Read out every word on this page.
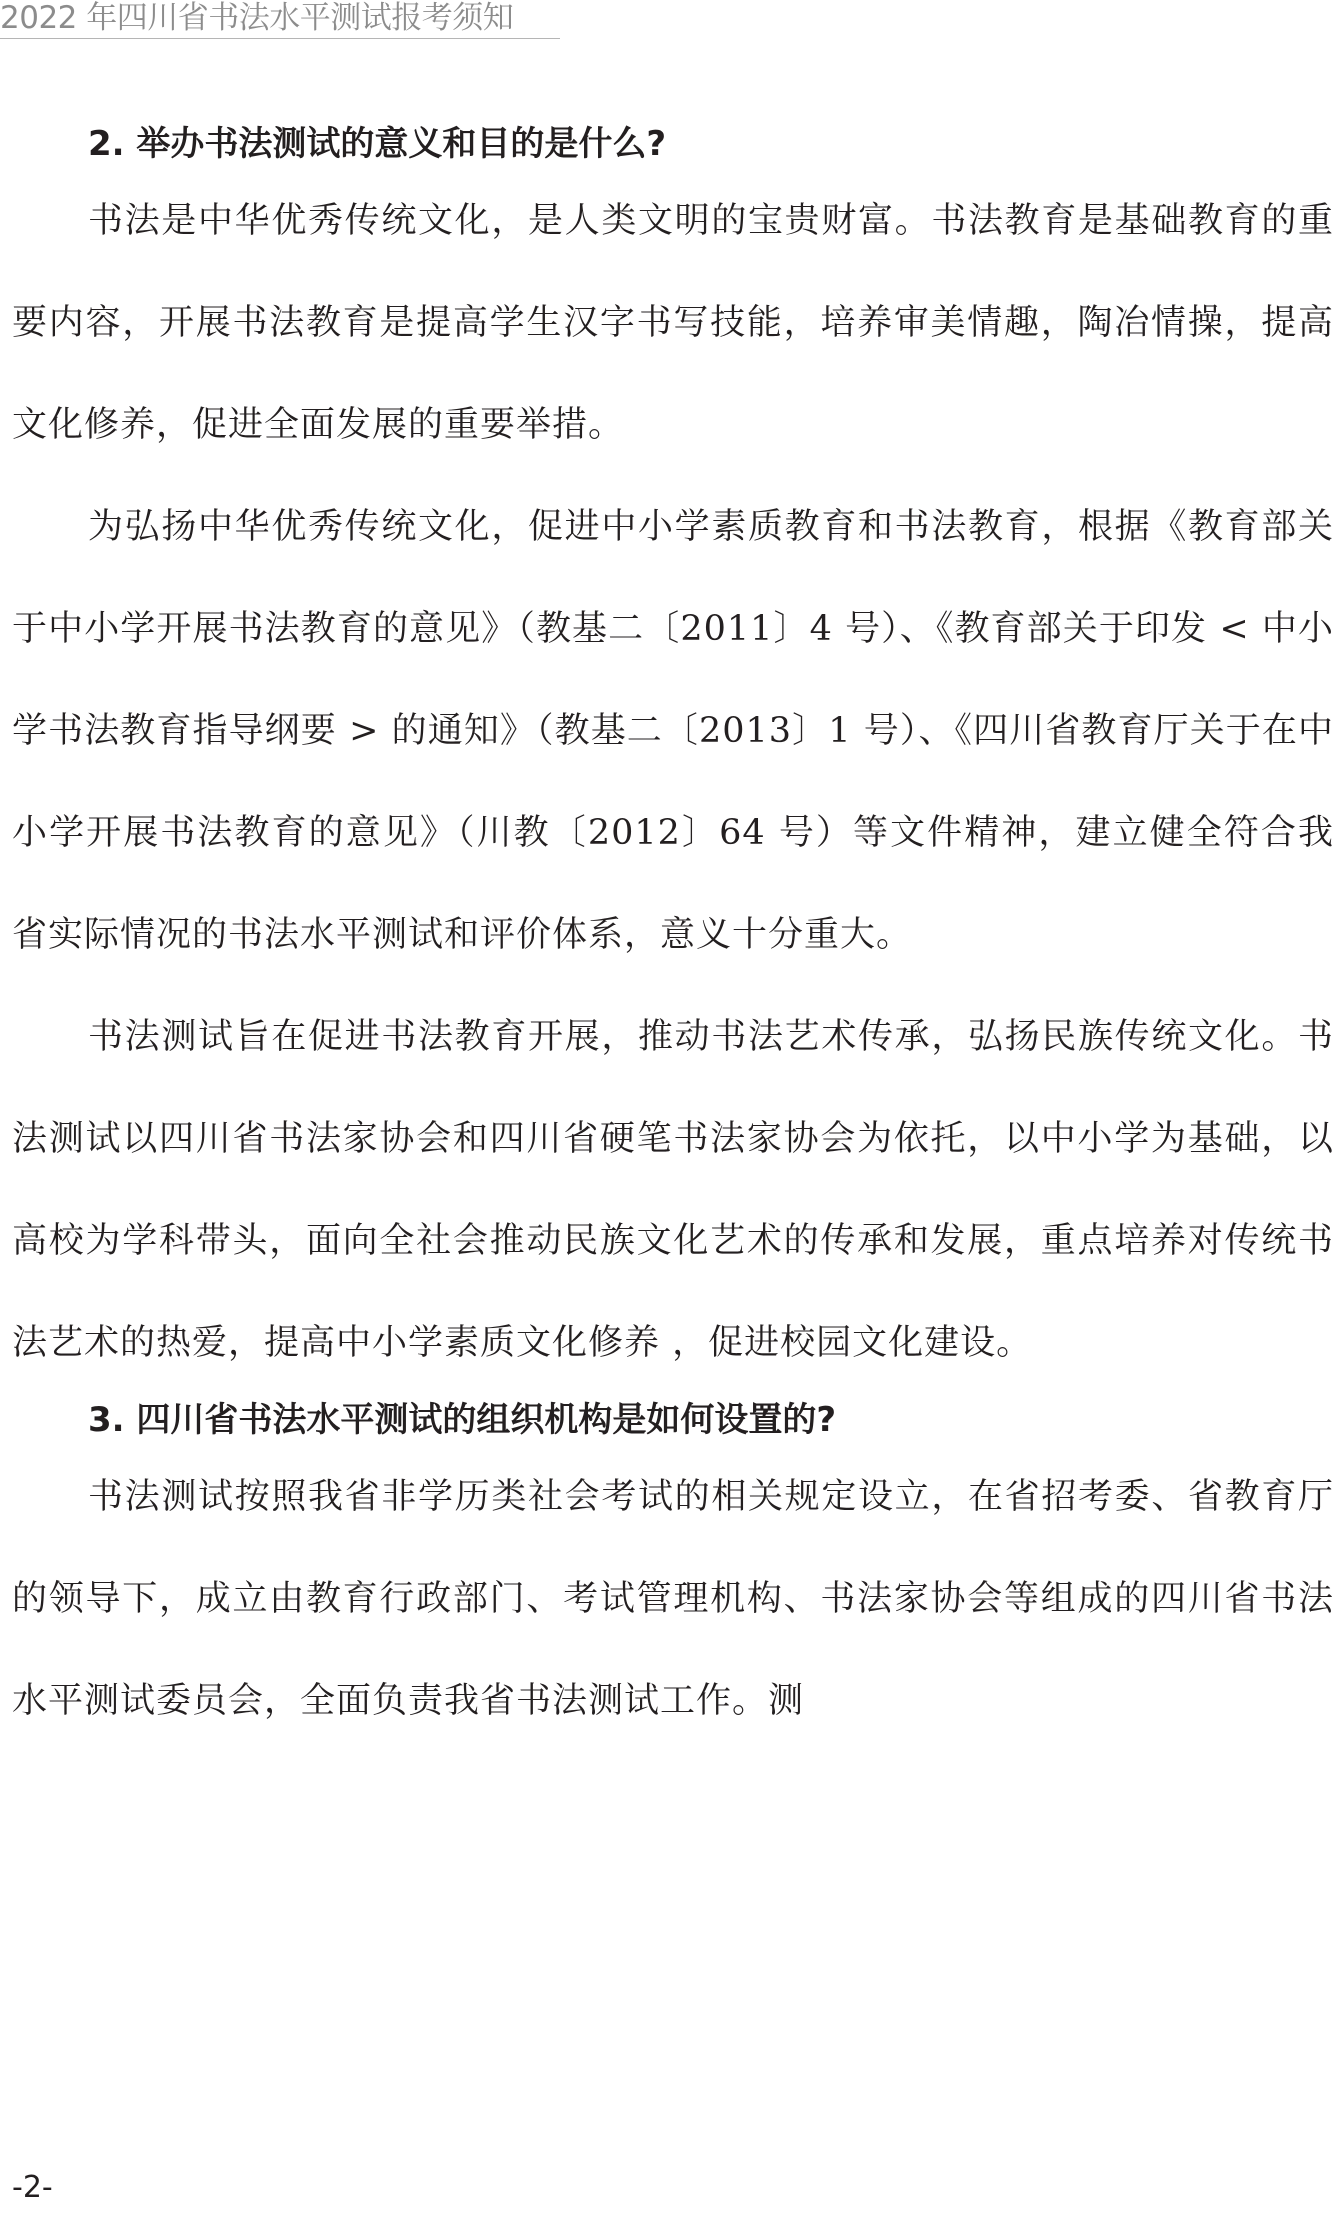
2022 年四川省书法水平测试报考须知
2. 举办书法测试的意义和目的是什么?

书法是中华优秀传统文化，是人类文明的宝贵财富。书法教育是基础教育的重要内容，开展书法教育是提高学生汉字书写技能，培养审美情趣，陶冶情操，提高文化修养，促进全面发展的重要举措。

为弘扬中华优秀传统文化，促进中小学素质教育和书法教育，根据《教育部关于中小学开展书法教育的意见》（教基二〔2011〕4 号）、《教育部关于印发 < 中小学书法教育指导纲要 > 的通知》（教基二〔2013〕1 号）、《四川省教育厅关于在中小学开展书法教育的意见》（川教〔2012〕64 号）等文件精神，建立健全符合我省实际情况的书法水平测试和评价体系，意义十分重大。

书法测试旨在促进书法教育开展，推动书法艺术传承，弘扬民族传统文化。书法测试以四川省书法家协会和四川省硬笔书法家协会为依托，以中小学为基础，以高校为学科带头，面向全社会推动民族文化艺术的传承和发展，重点培养对传统书法艺术的热爱，提高中小学素质文化修养 ，促进校园文化建设。

3. 四川省书法水平测试的组织机构是如何设置的?

书法测试按照我省非学历类社会考试的相关规定设立，在省招考委、省教育厅的领导下，成立由教育行政部门、考试管理机构、书法家协会等组成的四川省书法水平测试委员会，全面负责我省书法测试工作。测

-2-
